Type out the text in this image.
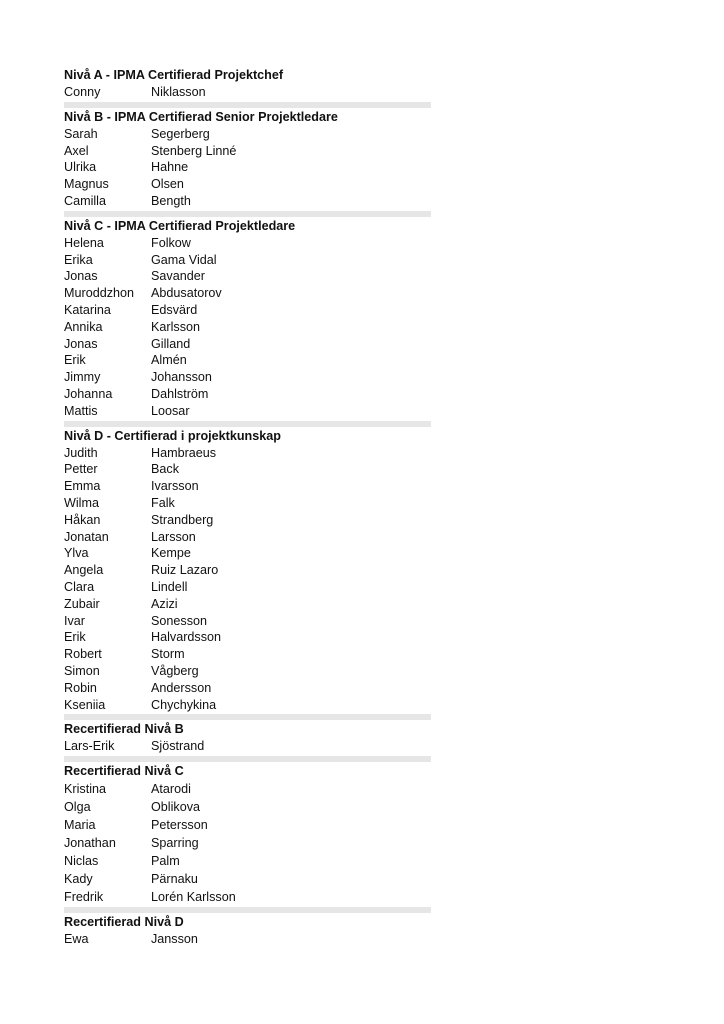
Nivå A - IPMA Certifierad Projektchef
Conny	Niklasson
Nivå B - IPMA Certifierad Senior Projektledare
Sarah	Segerberg
Axel	Stenberg Linné
Ulrika	Hahne
Magnus	Olsen
Camilla	Bength
Nivå C - IPMA Certifierad Projektledare
Helena	Folkow
Erika	Gama Vidal
Jonas	Savander
Muroddzhon	Abdusatorov
Katarina	Edsvärd
Annika	Karlsson
Jonas	Gilland
Erik	Almén
Jimmy	Johansson
Johanna	Dahlström
Mattis	Loosar
Nivå D - Certifierad i projektkunskap
Judith	Hambraeus
Petter	Back
Emma	Ivarsson
Wilma	Falk
Håkan	Strandberg
Jonatan	Larsson
Ylva	Kempe
Angela	Ruiz Lazaro
Clara	Lindell
Zubair	Azizi
Ivar	Sonesson
Erik	Halvardsson
Robert	Storm
Simon	Vågberg
Robin	Andersson
Kseniia	Chychykina
Recertifierad Nivå B
Lars-Erik	Sjöstrand
Recertifierad Nivå C
Kristina	Atarodi
Olga	Oblikova
Maria	Petersson
Jonathan	Sparring
Niclas	Palm
Kady	Pärnaku
Fredrik	Lorén Karlsson
Recertifierad Nivå D
Ewa	Jansson
